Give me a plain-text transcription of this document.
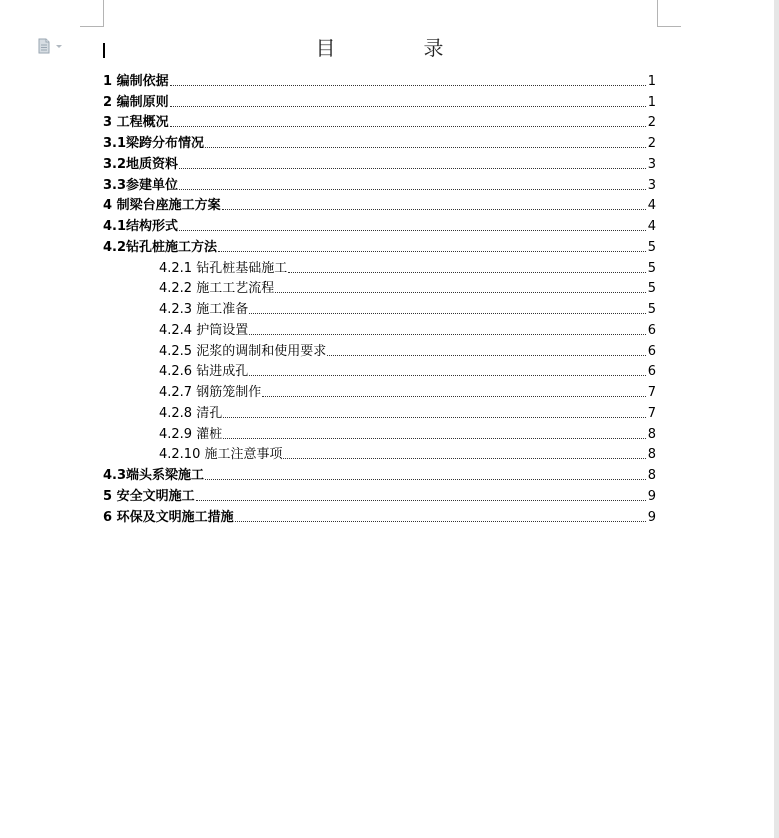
目　录
1 编制依据	1
2 编制原则	1
3 工程概况	2
3.1梁跨分布情况	2
3.2地质资料	3
3.3参建单位	3
4 制梁台座施工方案	4
4.1结构形式	4
4.2钻孔桩施工方法	5
4.2.1 钻孔桩基础施工	5
4.2.2 施工工艺流程	5
4.2.3 施工准备	5
4.2.4 护筒设置	6
4.2.5 泥浆的调制和使用要求	6
4.2.6 钻进成孔	6
4.2.7 钢筋笼制作	7
4.2.8 清孔	7
4.2.9 灌桩	8
4.2.10 施工注意事项	8
4.3端头系梁施工	8
5 安全文明施工	9
6 环保及文明施工措施	9
